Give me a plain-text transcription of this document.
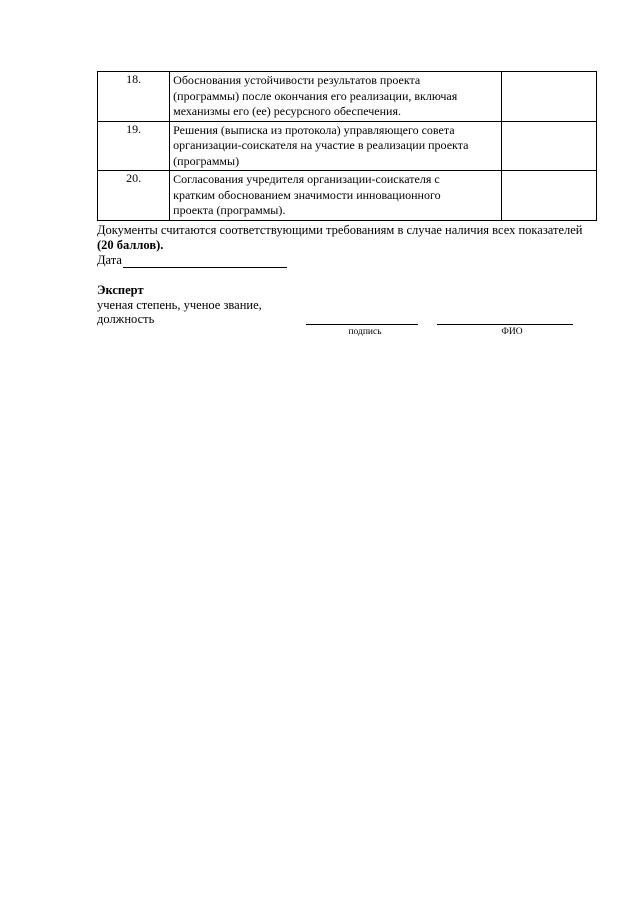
18.	Обоснования устойчивости результатов проекта
(программы) после окончания его реализации, включая
механизмы его (ее) ресурсного обеспечения.	

19.	Решения (выписка из протокола) управляющего совета
организации-соискателя на участие в реализации проекта
(программы)	

20.	Согласования учредителя организации-соискателя с
кратким обоснованием значимости инновационного
проекта (программы).	

Документы считаются соответствующими требованиям в случае наличия всех показателей
(20 баллов).
Дата
Эксперт
ученая степень, ученое звание,
должность
подпись	ФИО
